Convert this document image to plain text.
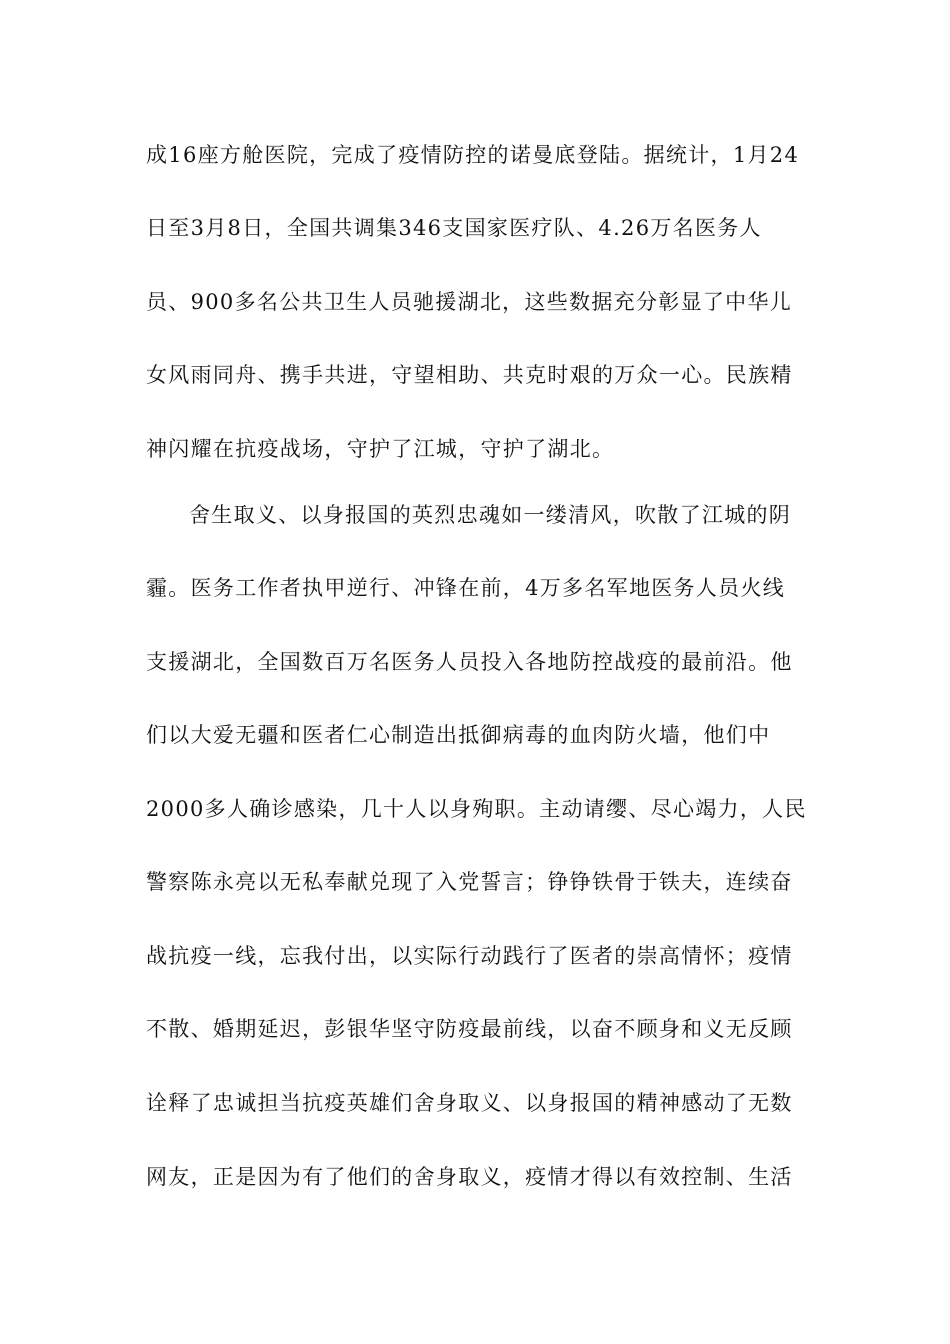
成16座方舱医院，完成了疫情防控的诺曼底登陆。据统计，1月24
日至3月8日，全国共调集346支国家医疗队、4.26万名医务人
员、900多名公共卫生人员驰援湖北，这些数据充分彰显了中华儿
女风雨同舟、携手共进，守望相助、共克时艰的万众一心。民族精
神闪耀在抗疫战场，守护了江城，守护了湖北。
舍生取义、以身报国的英烈忠魂如一缕清风，吹散了江城的阴
霾。医务工作者执甲逆行、冲锋在前，4万多名军地医务人员火线
支援湖北，全国数百万名医务人员投入各地防控战疫的最前沿。他
们以大爱无疆和医者仁心制造出抵御病毒的血肉防火墙，他们中
2000多人确诊感染，几十人以身殉职。主动请缨、尽心竭力，人民
警察陈永亮以无私奉献兑现了入党誓言；铮铮铁骨于铁夫，连续奋
战抗疫一线，忘我付出，以实际行动践行了医者的崇高情怀；疫情
不散、婚期延迟，彭银华坚守防疫最前线，以奋不顾身和义无反顾
诠释了忠诚担当抗疫英雄们舍身取义、以身报国的精神感动了无数
网友，正是因为有了他们的舍身取义，疫情才得以有效控制、生活
